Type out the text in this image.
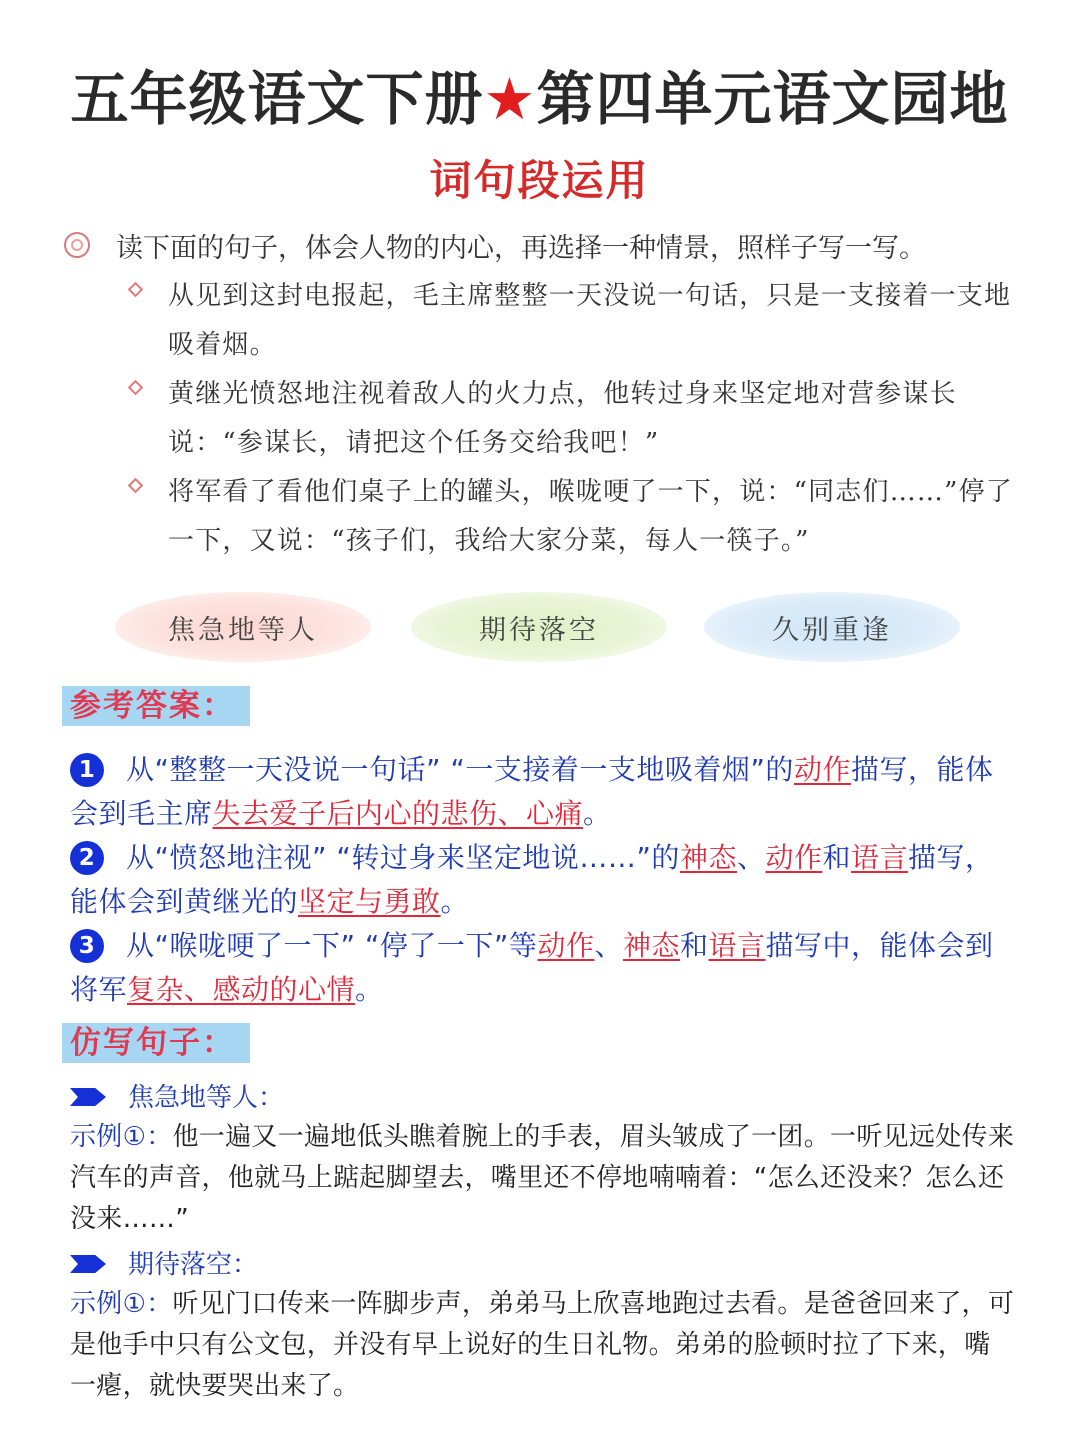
五年级语文下册★第四单元语文园地
词句段运用
读下面的句子，体会人物的内心，再选择一种情景，照样子写一写。
从见到这封电报起，毛主席整整一天没说一句话，只是一支接着一支地吸着烟。
黄继光愤怒地注视着敌人的火力点，他转过身来坚定地对营参谋长说：“参谋长，请把这个任务交给我吧！”
将军看了看他们桌子上的罐头，喉咙哽了一下，说：“同志们……”停了一下，又说：“孩子们，我给大家分菜，每人一筷子。”
焦急地等人	期待落空	久别重逢
参考答案：
1 从“整整一天没说一句话” “一支接着一支地吸着烟”的动作描写，能体会到毛主席失去爱子后内心的悲伤、心痛。
2 从“愤怒地注视” “转过身来坚定地说……”的神态、动作和语言描写，能体会到黄继光的坚定与勇敢。
3 从“喉咙哽了一下” “停了一下”等动作、神态和语言描写中，能体会到将军复杂、感动的心情。
仿写句子：
焦急地等人：
示例①：他一遍又一遍地低头瞧着腕上的手表，眉头皱成了一团。一听见远处传来汽车的声音，他就马上踮起脚望去，嘴里还不停地喃喃着：“怎么还没来？怎么还没来……”
期待落空：
示例①：听见门口传来一阵脚步声，弟弟马上欣喜地跑过去看。是爸爸回来了，可是他手中只有公文包，并没有早上说好的生日礼物。弟弟的脸顿时拉了下来，嘴一瘪，就快要哭出来了。
